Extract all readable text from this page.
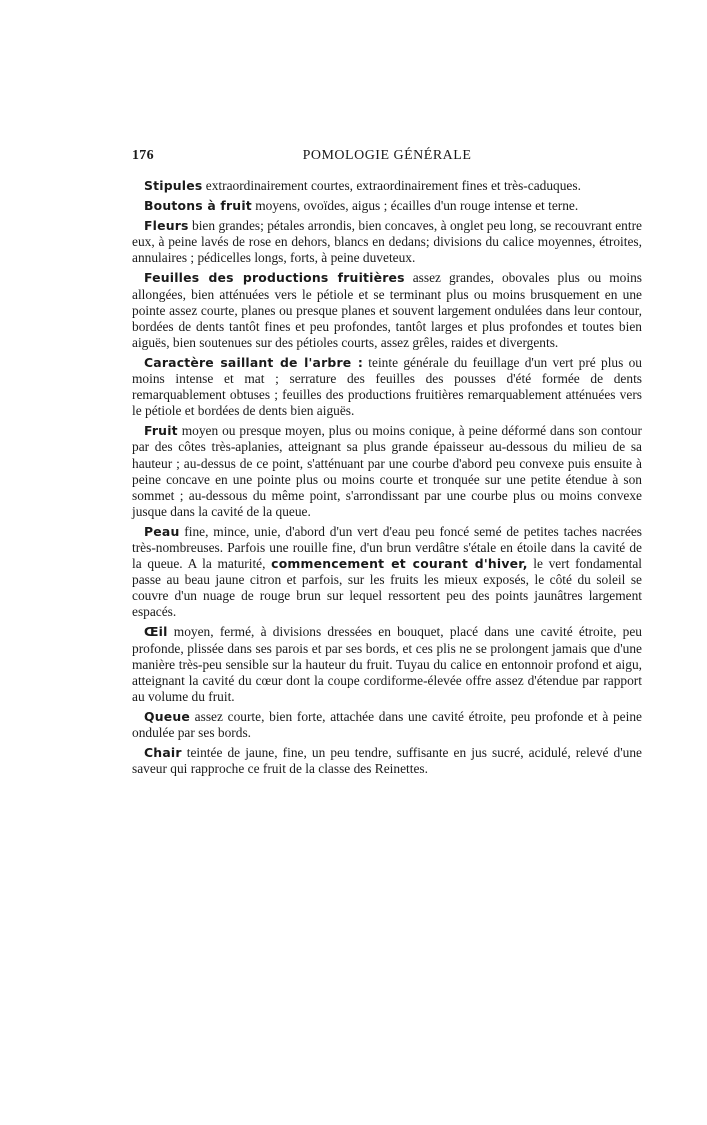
176	POMOLOGIE GÉNÉRALE

Stipules extraordinairement courtes, extraordinairement fines et très-caduques.

Boutons à fruit moyens, ovoïdes, aigus ; écailles d'un rouge intense et terne.

Fleurs bien grandes; pétales arrondis, bien concaves, à onglet peu long, se recouvrant entre eux, à peine lavés de rose en dehors, blancs en dedans; divisions du calice moyennes, étroites, annulaires ; pédicelles longs, forts, à peine duveteux.

Feuilles des productions fruitières assez grandes, obovales plus ou moins allongées, bien atténuées vers le pétiole et se terminant plus ou moins brusquement en une pointe assez courte, planes ou presque planes et souvent largement ondulées dans leur contour, bordées de dents tantôt fines et peu profondes, tantôt larges et plus profondes et toutes bien aiguës, bien soutenues sur des pétioles courts, assez grêles, raides et divergents.

Caractère saillant de l'arbre : teinte générale du feuillage d'un vert pré plus ou moins intense et mat ; serrature des feuilles des pousses d'été formée de dents remarquablement obtuses ; feuilles des productions fruitières remarquablement atténuées vers le pétiole et bordées de dents bien aiguës.

Fruit moyen ou presque moyen, plus ou moins conique, à peine déformé dans son contour par des côtes très-aplanies, atteignant sa plus grande épaisseur au-dessous du milieu de sa hauteur ; au-dessus de ce point, s'atténuant par une courbe d'abord peu convexe puis ensuite à peine concave en une pointe plus ou moins courte et tronquée sur une petite étendue à son sommet ; au-dessous du même point, s'arrondissant par une courbe plus ou moins convexe jusque dans la cavité de la queue.

Peau fine, mince, unie, d'abord d'un vert d'eau peu foncé semé de petites taches nacrées très-nombreuses. Parfois une rouille fine, d'un brun verdâtre s'étale en étoile dans la cavité de la queue. A la maturité, commencement et courant d'hiver, le vert fondamental passe au beau jaune citron et parfois, sur les fruits les mieux exposés, le côté du soleil se couvre d'un nuage de rouge brun sur lequel ressortent peu des points jaunâtres largement espacés.

Œil moyen, fermé, à divisions dressées en bouquet, placé dans une cavité étroite, peu profonde, plissée dans ses parois et par ses bords, et ces plis ne se prolongent jamais que d'une manière très-peu sensible sur la hauteur du fruit. Tuyau du calice en entonnoir profond et aigu, atteignant la cavité du cœur dont la coupe cordiforme-élevée offre assez d'étendue par rapport au volume du fruit.

Queue assez courte, bien forte, attachée dans une cavité étroite, peu profonde et à peine ondulée par ses bords.

Chair teintée de jaune, fine, un peu tendre, suffisante en jus sucré, acidulé, relevé d'une saveur qui rapproche ce fruit de la classe des Reinettes.
